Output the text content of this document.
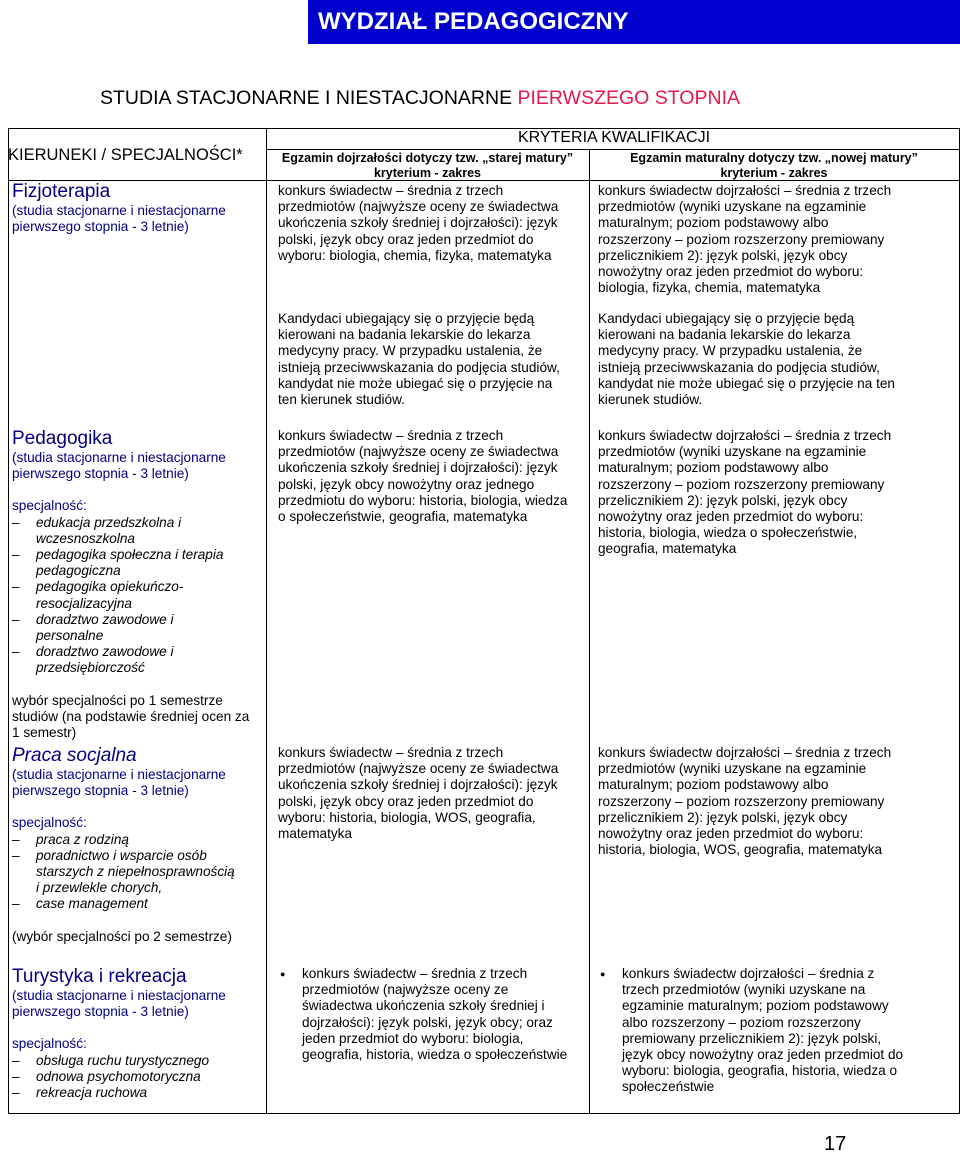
WYDZIAŁ PEDAGOGICZNY
STUDIA STACJONARNE I NIESTACJONARNE PIERWSZEGO STOPNIA
KIERUNEKI / SPECJALNOŚCI*
KRYTERIA KWALIFIKACJI
Egzamin dojrzałości dotyczy tzw. „starej matury”
kryterium - zakres
Egzamin maturalny dotyczy tzw. „nowej matury”
kryterium - zakres
Fizjoterapia
(studia stacjonarne i niestacjonarne
pierwszego stopnia - 3 letnie)
konkurs świadectw – średnia z trzech przedmiotów (najwyższe oceny ze świadectwa ukończenia szkoły średniej i dojrzałości): język polski, język obcy oraz jeden przedmiot do wyboru: biologia, chemia, fizyka, matematyka
konkurs świadectw dojrzałości – średnia z trzech przedmiotów (wyniki uzyskane na egzaminie maturalnym; poziom podstawowy albo rozszerzony – poziom rozszerzony premiowany przelicznikiem 2): język polski, język obcy nowożytny oraz jeden przedmiot do wyboru: biologia, fizyka, chemia, matematyka
Kandydaci ubiegający się o przyjęcie będą kierowani na badania lekarskie do lekarza medycyny pracy. W przypadku ustalenia, że istnieją przeciwwskazania do podjęcia studiów, kandydat nie może ubiegać się o przyjęcie na ten kierunek studiów.
Kandydaci ubiegający się o przyjęcie będą kierowani na badania lekarskie do lekarza medycyny pracy. W przypadku ustalenia, że istnieją przeciwwskazania do podjęcia studiów, kandydat nie może ubiegać się o przyjęcie na ten kierunek studiów.
Pedagogika
(studia stacjonarne i niestacjonarne
pierwszego stopnia - 3 letnie)
specjalność:
– edukacja przedszkolna i wczesnoszkolna
– pedagogika społeczna i terapia pedagogiczna
– pedagogika opiekuńczo-resocjalizacyjna
– doradztwo zawodowe i personalne
– doradztwo zawodowe i przedsiębiorczość
wybór specjalności po 1 semestrze studiów (na podstawie średniej ocen za 1 semestr)
konkurs świadectw – średnia z trzech przedmiotów (najwyższe oceny ze świadectwa ukończenia szkoły średniej i dojrzałości): język polski, język obcy nowożytny oraz jednego przedmiotu do wyboru: historia, biologia, wiedza o społeczeństwie, geografia, matematyka
konkurs świadectw dojrzałości – średnia z trzech przedmiotów (wyniki uzyskane na egzaminie maturalnym; poziom podstawowy albo rozszerzony – poziom rozszerzony premiowany przelicznikiem 2): język polski, język obcy nowożytny oraz jeden przedmiot do wyboru: historia, biologia, wiedza o społeczeństwie, geografia, matematyka
Praca socjalna
(studia stacjonarne i niestacjonarne
pierwszego stopnia - 3 letnie)
specjalność:
– praca z rodziną
– poradnictwo i wsparcie osób starszych z niepełnosprawnością i przewlekle chorych,
– case management
(wybór specjalności po 2 semestrze)
konkurs świadectw – średnia z trzech przedmiotów (najwyższe oceny ze świadectwa ukończenia szkoły średniej i dojrzałości): język polski, język obcy oraz jeden przedmiot do wyboru: historia, biologia, WOS, geografia, matematyka
konkurs świadectw dojrzałości – średnia z trzech przedmiotów (wyniki uzyskane na egzaminie maturalnym; poziom podstawowy albo rozszerzony – poziom rozszerzony premiowany przelicznikiem 2): język polski, język obcy nowożytny oraz jeden przedmiot do wyboru: historia, biologia, WOS, geografia, matematyka
Turystyka i rekreacja
(studia stacjonarne i niestacjonarne
pierwszego stopnia - 3 letnie)
specjalność:
– obsługa ruchu turystycznego
– odnowa psychomotoryczna
– rekreacja ruchowa
● konkurs świadectw – średnia z trzech przedmiotów (najwyższe oceny ze świadectwa ukończenia szkoły średniej i dojrzałości): język polski, język obcy; oraz jeden przedmiot do wyboru: biologia, geografia, historia, wiedza o społeczeństwie
● konkurs świadectw dojrzałości – średnia z trzech przedmiotów (wyniki uzyskane na egzaminie maturalnym; poziom podstawowy albo rozszerzony – poziom rozszerzony premiowany przelicznikiem 2): język polski, język obcy nowożytny oraz jeden przedmiot do wyboru: biologia, geografia, historia, wiedza o społeczeństwie
17
